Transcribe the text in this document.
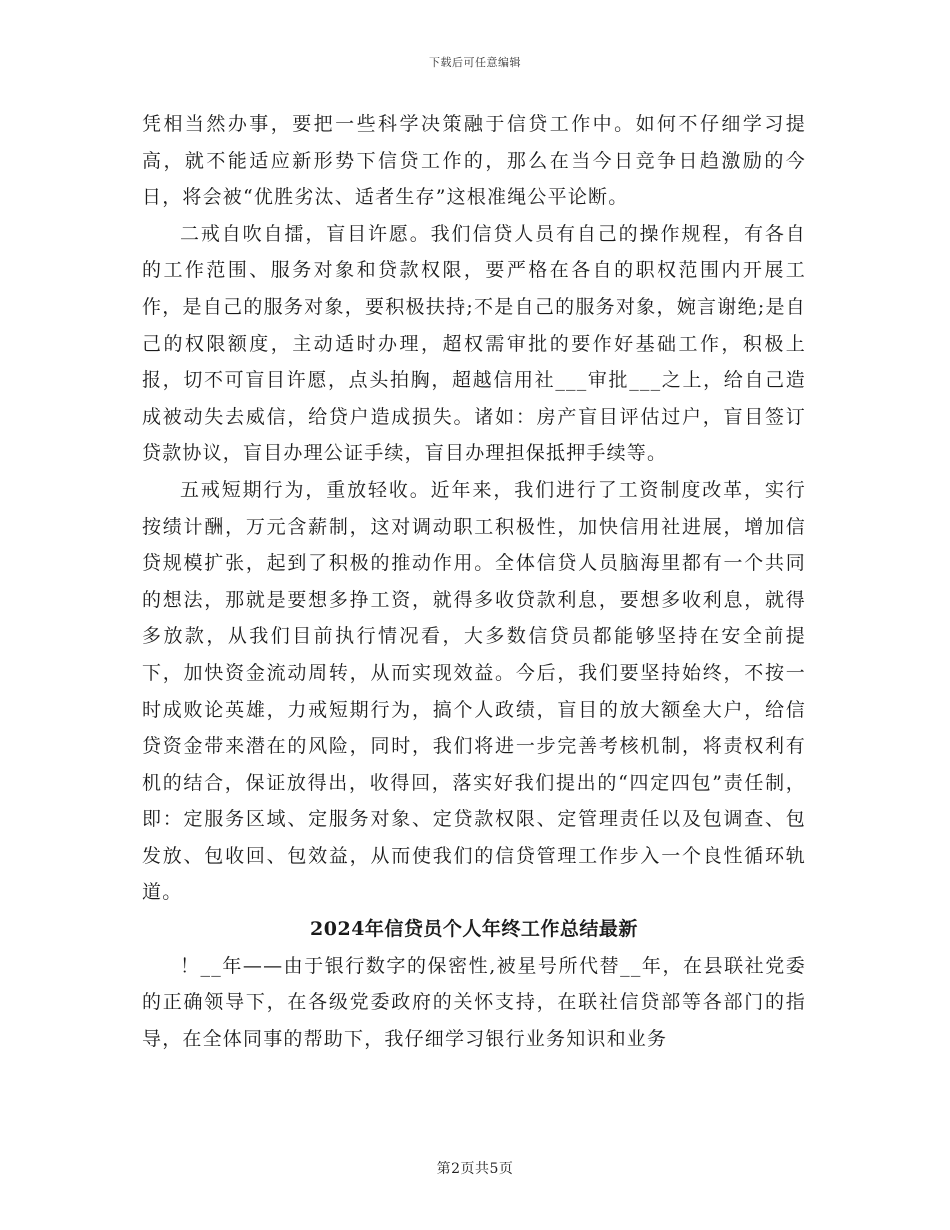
下载后可任意编辑

凭相当然办事，要把一些科学决策融于信贷工作中。如何不仔细学习提高，就不能适应新形势下信贷工作的，那么在当今日竞争日趋激励的今日，将会被“优胜劣汰、适者生存”这根准绳公平论断。

二戒自吹自擂，盲目许愿。我们信贷人员有自己的操作规程，有各自的工作范围、服务对象和贷款权限，要严格在各自的职权范围内开展工作，是自己的服务对象，要积极扶持;不是自己的服务对象，婉言谢绝;是自己的权限额度，主动适时办理，超权需审批的要作好基础工作，积极上报，切不可盲目许愿，点头拍胸，超越信用社___审批___之上，给自己造成被动失去威信，给贷户造成损失。诸如：房产盲目评估过户，盲目签订贷款协议，盲目办理公证手续，盲目办理担保抵押手续等。

五戒短期行为，重放轻收。近年来，我们进行了工资制度改革，实行按绩计酬，万元含薪制，这对调动职工积极性，加快信用社进展，增加信贷规模扩张，起到了积极的推动作用。全体信贷人员脑海里都有一个共同的想法，那就是要想多挣工资，就得多收贷款利息，要想多收利息，就得多放款，从我们目前执行情况看，大多数信贷员都能够坚持在安全前提下，加快资金流动周转，从而实现效益。今后，我们要坚持始终，不按一时成败论英雄，力戒短期行为，搞个人政绩，盲目的放大额垒大户，给信贷资金带来潜在的风险，同时，我们将进一步完善考核机制，将责权利有机的结合，保证放得出，收得回，落实好我们提出的“四定四包”责任制，即：定服务区域、定服务对象、定贷款权限、定管理责任以及包调查、包发放、包收回、包效益，从而使我们的信贷管理工作步入一个良性循环轨道。

2024年信贷员个人年终工作总结最新

！__年——由于银行数字的保密性,被星号所代替__年，在县联社党委的正确领导下，在各级党委政府的关怀支持，在联社信贷部等各部门的指导，在全体同事的帮助下，我仔细学习银行业务知识和业务

第2页共5页
